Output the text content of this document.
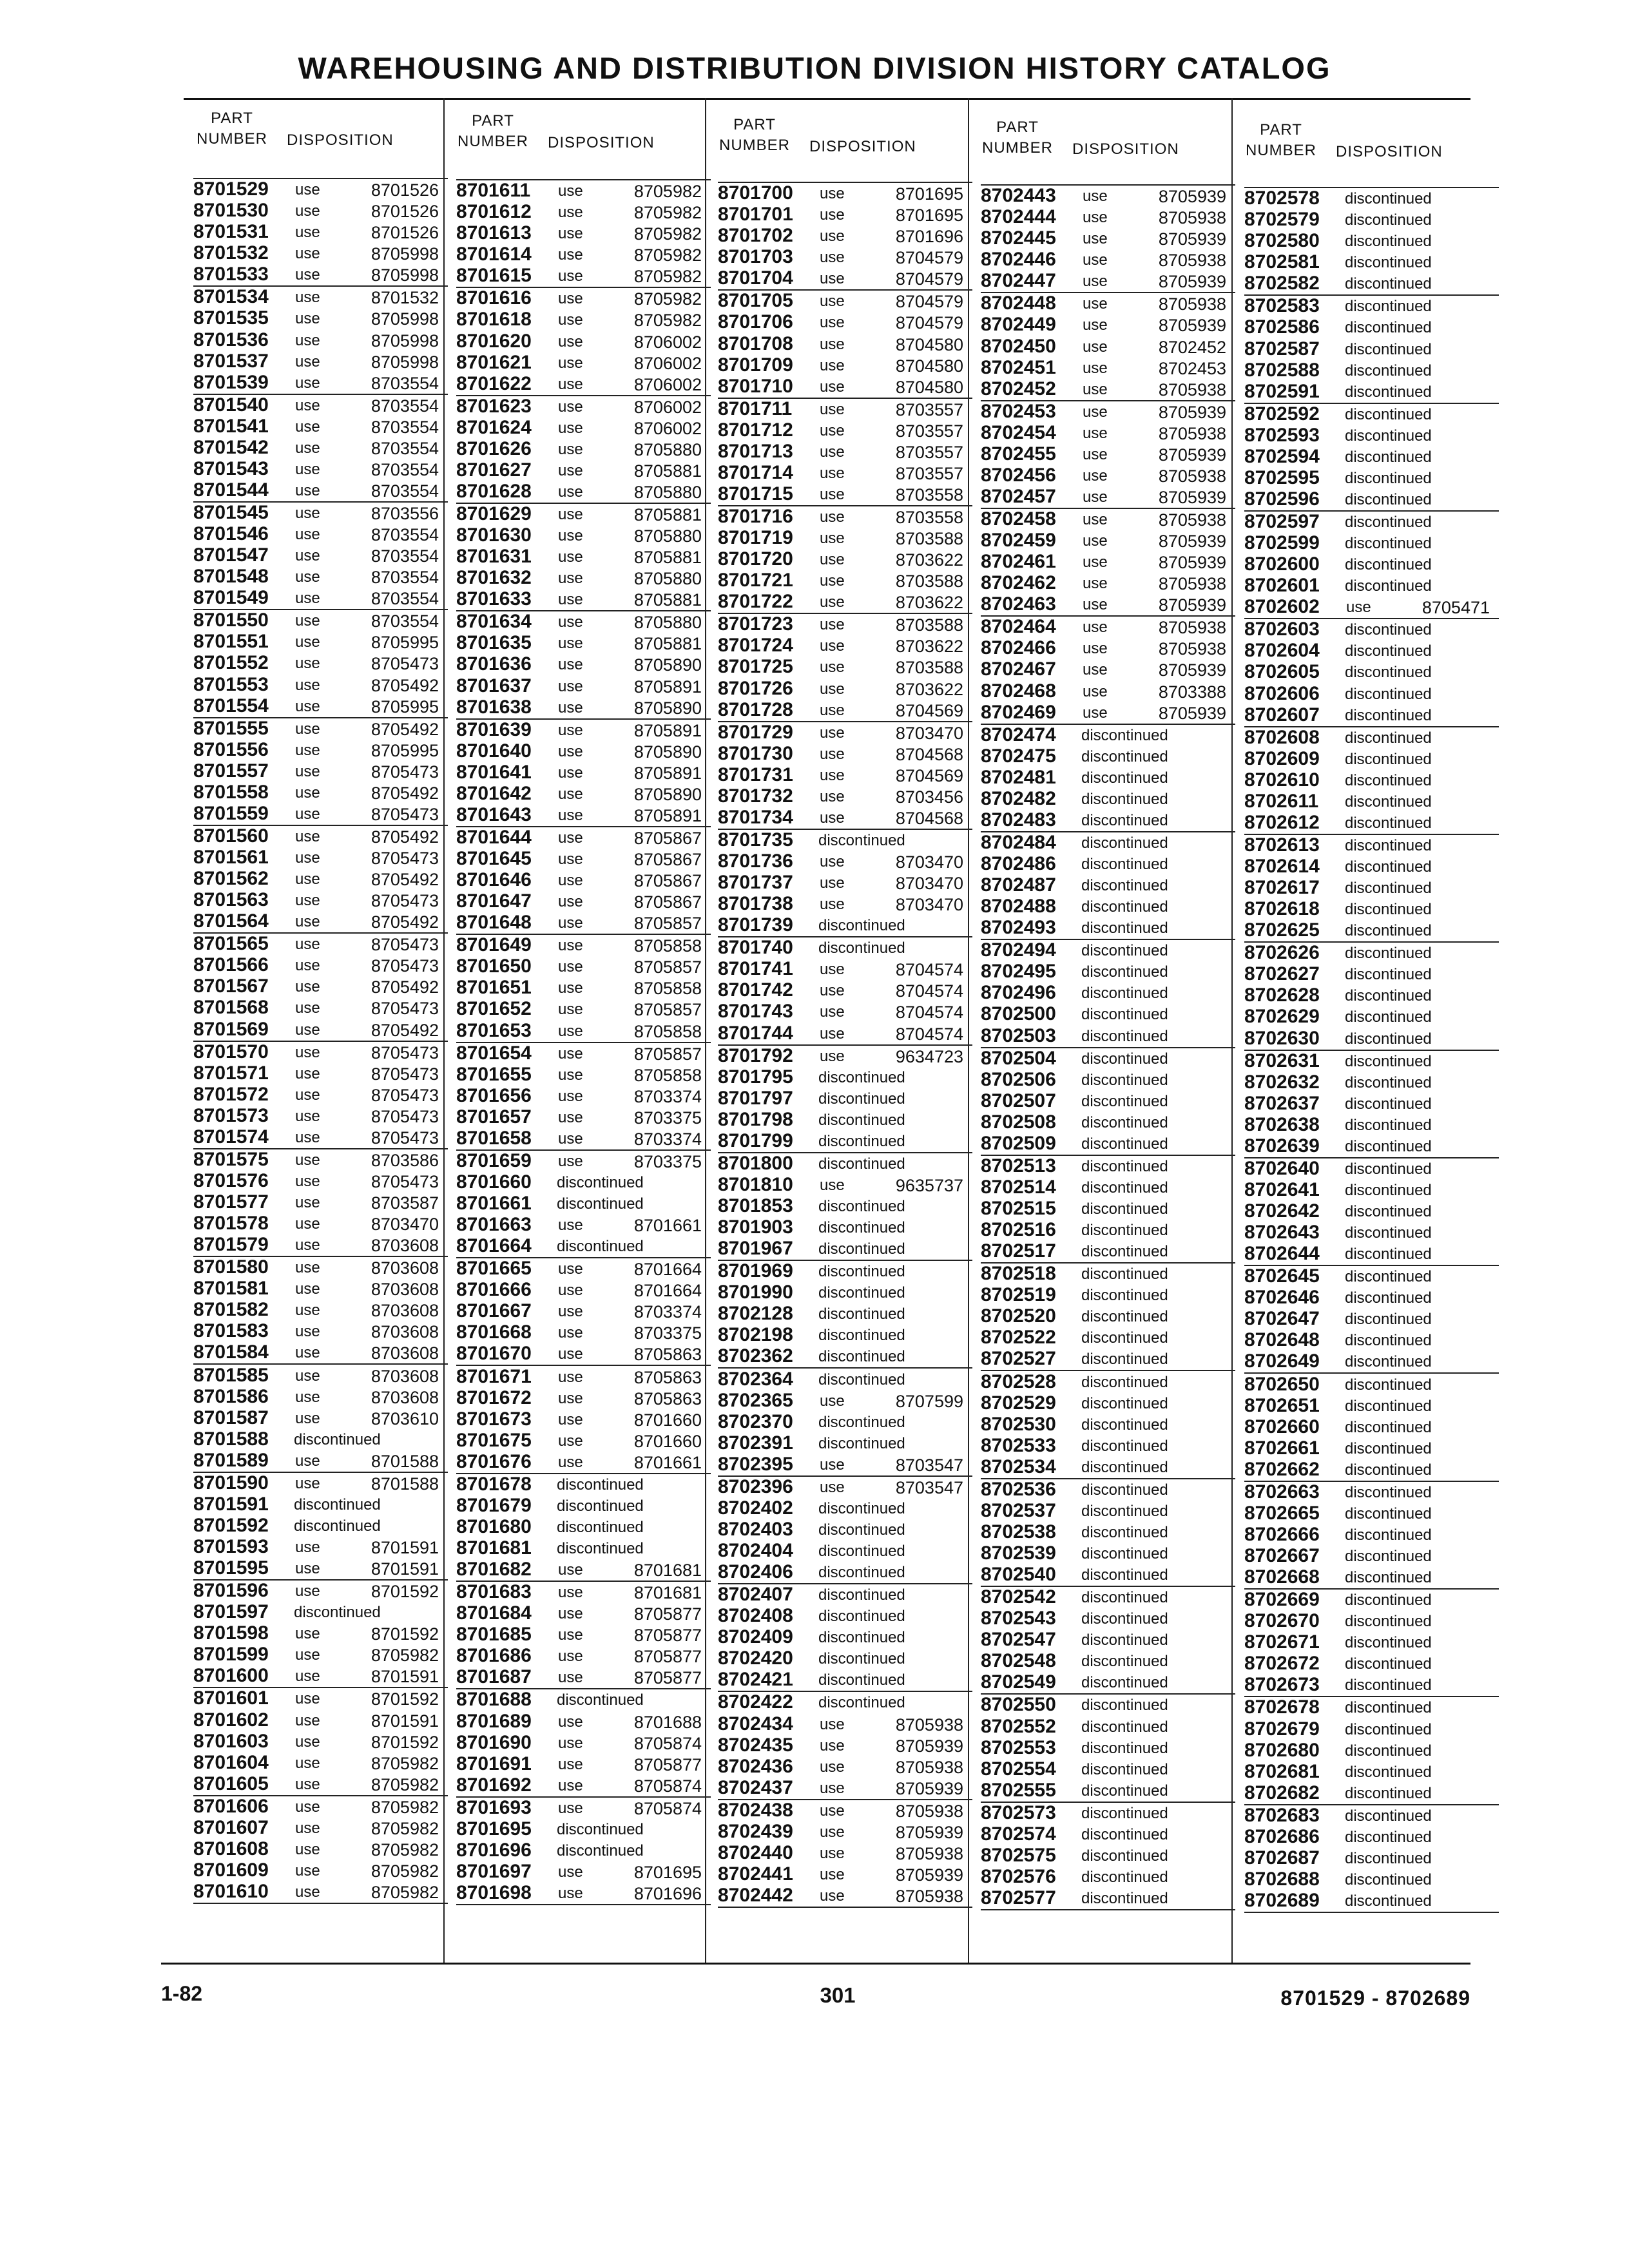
WAREHOUSING AND DISTRIBUTION DIVISION HISTORY CATALOG
PART
NUMBER	DISPOSITION
PART
NUMBER	DISPOSITION
PART
NUMBER	DISPOSITION
PART
NUMBER	DISPOSITION
PART
NUMBER	DISPOSITION
8701529 use	8701526
8701530 use	8701526
8701531 use	8701526
8701532 use	8705998
8701533 use	8705998
8701534 use	8701532
8701535 use	8705998
8701536 use	8705998
8701537 use	8705998
8701539 use	8703554
8701540 use	8703554
8701541 use	8703554
8701542 use	8703554
8701543 use	8703554
8701544 use	8703554
8701545 use	8703556
8701546 use	8703554
8701547 use	8703554
8701548 use	8703554
8701549 use	8703554
8701550 use	8703554
8701551 use	8705995
8701552 use	8705473
8701553 use	8705492
8701554 use	8705995
8701555 use	8705492
8701556 use	8705995
8701557 use	8705473
8701558 use	8705492
8701559 use	8705473
8701560 use	8705492
8701561 use	8705473
8701562 use	8705492
8701563 use	8705473
8701564 use	8705492
8701565 use	8705473
8701566 use	8705473
8701567 use	8705492
8701568 use	8705473
8701569 use	8705492
8701570 use	8705473
8701571 use	8705473
8701572 use	8705473
8701573 use	8705473
8701574 use	8705473
8701575 use	8703586
8701576 use	8705473
8701577 use	8703587
8701578 use	8703470
8701579 use	8703608
8701580 use	8703608
8701581 use	8703608
8701582 use	8703608
8701583 use	8703608
8701584 use	8703608
8701585 use	8703608
8701586 use	8703608
8701587 use	8703610
8701588 discontinued
8701589 use	8701588
8701590 use	8701588
8701591 discontinued
8701592 discontinued
8701593 use	8701591
8701595 use	8701591
8701596 use	8701592
8701597 discontinued
8701598 use	8701592
8701599 use	8705982
8701600 use	8701591
8701601 use	8701592
8701602 use	8701591
8701603 use	8701592
8701604 use	8705982
8701605 use	8705982
8701606 use	8705982
8701607 use	8705982
8701608 use	8705982
8701609 use	8705982
8701610 use	8705982
8701611 use	8705982
8701612 use	8705982
8701613 use	8705982
8701614 use	8705982
8701615 use	8705982
8701616 use	8705982
8701618 use	8705982
8701620 use	8706002
8701621 use	8706002
8701622 use	8706002
8701623 use	8706002
8701624 use	8706002
8701626 use	8705880
8701627 use	8705881
8701628 use	8705880
8701629 use	8705881
8701630 use	8705880
8701631 use	8705881
8701632 use	8705880
8701633 use	8705881
8701634 use	8705880
8701635 use	8705881
8701636 use	8705890
8701637 use	8705891
8701638 use	8705890
8701639 use	8705891
8701640 use	8705890
8701641 use	8705891
8701642 use	8705890
8701643 use	8705891
8701644 use	8705867
8701645 use	8705867
8701646 use	8705867
8701647 use	8705867
8701648 use	8705857
8701649 use	8705858
8701650 use	8705857
8701651 use	8705858
8701652 use	8705857
8701653 use	8705858
8701654 use	8705857
8701655 use	8705858
8701656 use	8703374
8701657 use	8703375
8701658 use	8703374
8701659 use	8703375
8701660 discontinued
8701661 discontinued
8701663 use	8701661
8701664 discontinued
8701665 use	8701664
8701666 use	8701664
8701667 use	8703374
8701668 use	8703375
8701670 use	8705863
8701671 use	8705863
8701672 use	8705863
8701673 use	8701660
8701675 use	8701660
8701676 use	8701661
8701678 discontinued
8701679 discontinued
8701680 discontinued
8701681 discontinued
8701682 use	8701681
8701683 use	8701681
8701684 use	8705877
8701685 use	8705877
8701686 use	8705877
8701687 use	8705877
8701688 discontinued
8701689 use	8701688
8701690 use	8705874
8701691 use	8705877
8701692 use	8705874
8701693 use	8705874
8701695 discontinued
8701696 discontinued
8701697 use	8701695
8701698 use	8701696
8701700 use	8701695
8701701 use	8701695
8701702 use	8701696
8701703 use	8704579
8701704 use	8704579
8701705 use	8704579
8701706 use	8704579
8701708 use	8704580
8701709 use	8704580
8701710 use	8704580
8701711 use	8703557
8701712 use	8703557
8701713 use	8703557
8701714 use	8703557
8701715 use	8703558
8701716 use	8703558
8701719 use	8703588
8701720 use	8703622
8701721 use	8703588
8701722 use	8703622
8701723 use	8703588
8701724 use	8703622
8701725 use	8703588
8701726 use	8703622
8701728 use	8704569
8701729 use	8703470
8701730 use	8704568
8701731 use	8704569
8701732 use	8703456
8701734 use	8704568
8701735 discontinued
8701736 use	8703470
8701737 use	8703470
8701738 use	8703470
8701739 discontinued
8701740 discontinued
8701741 use	8704574
8701742 use	8704574
8701743 use	8704574
8701744 use	8704574
8701792 use	9634723
8701795 discontinued
8701797 discontinued
8701798 discontinued
8701799 discontinued
8701800 discontinued
8701810 use	9635737
8701853 discontinued
8701903 discontinued
8701967 discontinued
8701969 discontinued
8701990 discontinued
8702128 discontinued
8702198 discontinued
8702362 discontinued
8702364 discontinued
8702365 use	8707599
8702370 discontinued
8702391 discontinued
8702395 use	8703547
8702396 use	8703547
8702402 discontinued
8702403 discontinued
8702404 discontinued
8702406 discontinued
8702407 discontinued
8702408 discontinued
8702409 discontinued
8702420 discontinued
8702421 discontinued
8702422 discontinued
8702434 use	8705938
8702435 use	8705939
8702436 use	8705938
8702437 use	8705939
8702438 use	8705938
8702439 use	8705939
8702440 use	8705938
8702441 use	8705939
8702442 use	8705938
8702443 use	8705939
8702444 use	8705938
8702445 use	8705939
8702446 use	8705938
8702447 use	8705939
8702448 use	8705938
8702449 use	8705939
8702450 use	8702452
8702451 use	8702453
8702452 use	8705938
8702453 use	8705939
8702454 use	8705938
8702455 use	8705939
8702456 use	8705938
8702457 use	8705939
8702458 use	8705938
8702459 use	8705939
8702461 use	8705939
8702462 use	8705938
8702463 use	8705939
8702464 use	8705938
8702466 use	8705938
8702467 use	8705939
8702468 use	8703388
8702469 use	8705939
8702474 discontinued
8702475 discontinued
8702481 discontinued
8702482 discontinued
8702483 discontinued
8702484 discontinued
8702486 discontinued
8702487 discontinued
8702488 discontinued
8702493 discontinued
8702494 discontinued
8702495 discontinued
8702496 discontinued
8702500 discontinued
8702503 discontinued
8702504 discontinued
8702506 discontinued
8702507 discontinued
8702508 discontinued
8702509 discontinued
8702513 discontinued
8702514 discontinued
8702515 discontinued
8702516 discontinued
8702517 discontinued
8702518 discontinued
8702519 discontinued
8702520 discontinued
8702522 discontinued
8702527 discontinued
8702528 discontinued
8702529 discontinued
8702530 discontinued
8702533 discontinued
8702534 discontinued
8702536 discontinued
8702537 discontinued
8702538 discontinued
8702539 discontinued
8702540 discontinued
8702542 discontinued
8702543 discontinued
8702547 discontinued
8702548 discontinued
8702549 discontinued
8702550 discontinued
8702552 discontinued
8702553 discontinued
8702554 discontinued
8702555 discontinued
8702573 discontinued
8702574 discontinued
8702575 discontinued
8702576 discontinued
8702577 discontinued
8702578 discontinued
8702579 discontinued
8702580 discontinued
8702581 discontinued
8702582 discontinued
8702583 discontinued
8702586 discontinued
8702587 discontinued
8702588 discontinued
8702591 discontinued
8702592 discontinued
8702593 discontinued
8702594 discontinued
8702595 discontinued
8702596 discontinued
8702597 discontinued
8702599 discontinued
8702600 discontinued
8702601 discontinued
8702602 use	8705471
8702603 discontinued
8702604 discontinued
8702605 discontinued
8702606 discontinued
8702607 discontinued
8702608 discontinued
8702609 discontinued
8702610 discontinued
8702611 discontinued
8702612 discontinued
8702613 discontinued
8702614 discontinued
8702617 discontinued
8702618 discontinued
8702625 discontinued
8702626 discontinued
8702627 discontinued
8702628 discontinued
8702629 discontinued
8702630 discontinued
8702631 discontinued
8702632 discontinued
8702637 discontinued
8702638 discontinued
8702639 discontinued
8702640 discontinued
8702641 discontinued
8702642 discontinued
8702643 discontinued
8702644 discontinued
8702645 discontinued
8702646 discontinued
8702647 discontinued
8702648 discontinued
8702649 discontinued
8702650 discontinued
8702651 discontinued
8702660 discontinued
8702661 discontinued
8702662 discontinued
8702663 discontinued
8702665 discontinued
8702666 discontinued
8702667 discontinued
8702668 discontinued
8702669 discontinued
8702670 discontinued
8702671 discontinued
8702672 discontinued
8702673 discontinued
8702678 discontinued
8702679 discontinued
8702680 discontinued
8702681 discontinued
8702682 discontinued
8702683 discontinued
8702686 discontinued
8702687 discontinued
8702688 discontinued
8702689 discontinued
1-82	301	8701529 - 8702689
